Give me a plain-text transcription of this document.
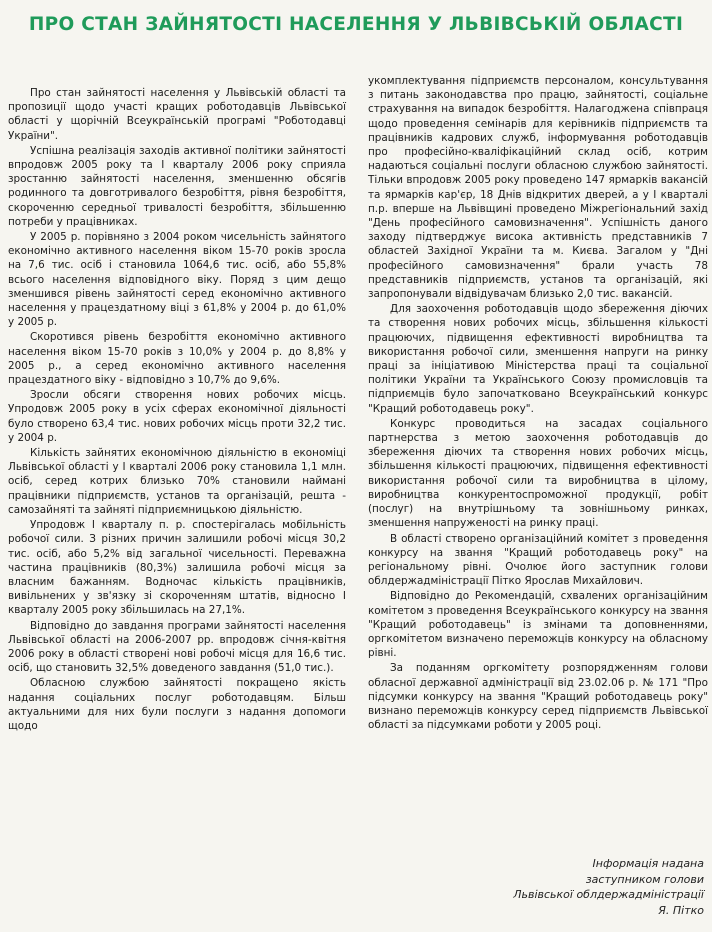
ПРО СТАН ЗАЙНЯТОСТІ НАСЕЛЕННЯ У ЛЬВІВСЬКІЙ ОБЛАСТІ

Про стан зайнятості населення у Львівській області та пропозиції щодо участі кращих роботодавців Львівської області у щорічній Всеукраїнській програмі "Роботодавці України".

Успішна реалізація заходів активної політики зайнятості впродовж 2005 року та І кварталу 2006 року сприяла зростанню зайнятості населення, зменшенню обсягів родинного та довготривалого безробіття, рівня безробіття, скороченню середньої тривалості безробіття, збільшенню потреби у працівниках.

У 2005 р. порівняно з 2004 роком чисельність зайнятого економічно активного населення віком 15-70 років зросла на 7,6 тис. осіб і становила 1064,6 тис. осіб, або 55,8% всього населення відповідного віку. Поряд з цим дещо зменшився рівень зайнятості серед економічно активного населення у працездатному віці з 61,8% у 2004 р. до 61,0% у 2005 р.

Скоротився рівень безробіття економічно активного населення віком 15-70 років з 10,0% у 2004 р. до 8,8% у 2005 р., а серед економічно активного населення працездатного віку - відповідно з 10,7% до 9,6%.

Зросли обсяги створення нових робочих місць. Упродовж 2005 року в усіх сферах економічної діяльності було створено 63,4 тис. нових робочих місць проти 32,2 тис. у 2004 р.

Кількість зайнятих економічною діяльністю в економіці Львівської області у І кварталі 2006 року становила 1,1 млн. осіб, серед котрих близько 70% становили наймані працівники підприємств, установ та організацій, решта - самозайняті та зайняті підприємницькою діяльністю.

Упродовж І кварталу п. р. спостерігалась мобільність робочої сили. З різних причин залишили робочі місця 30,2 тис. осіб, або 5,2% від загальної чисельності. Переважна частина працівників (80,3%) залишила робочі місця за власним бажанням. Водночас кількість працівників, вивільнених у зв'язку зі скороченням штатів, відносно І кварталу 2005 року збільшилась на 27,1%.

Відповідно до завдання програми зайнятості населення Львівської області на 2006-2007 рр. впродовж січня-квітня 2006 року в області створені нові робочі місця для 16,6 тис. осіб, що становить 32,5% доведеного завдання (51,0 тис.).

Обласною службою зайнятості покращено якість надання соціальних послуг роботодавцям. Більш актуальними для них були послуги з надання допомоги щодо

укомплектування підприємств персоналом, консультування з питань законодавства про працю, зайнятості, соціальне страхування на випадок безробіття. Налагоджена співпраця щодо проведення семінарів для керівників підприємств та працівників кадрових служб, інформування роботодавців про професійно-кваліфікаційний склад осіб, котрим надаються соціальні послуги обласною службою зайнятості. Тільки впродовж 2005 року проведено 147 ярмарків вакансій та ярмарків кар'єр, 18 Днів відкритих дверей, а у І кварталі п.р. вперше на Львівщині проведено Міжрегіональний захід "День професійного самовизначення". Успішність даного заходу підтверджує висока активність представників 7 областей Західної України та м. Києва. Загалом у "Дні професійного самовизначення" брали участь 78 представників підприємств, установ та організацій, які запропонували відвідувачам близько 2,0 тис. вакансій.

Для заохочення роботодавців щодо збереження діючих та створення нових робочих місць, збільшення кількості працюючих, підвищення ефективності виробництва та використання робочої сили, зменшення напруги на ринку праці за ініціативою Міністерства праці та соціальної політики України та Українського Союзу промисловців та підприємців було започатковано Всеукраїнський конкурс "Кращий роботодавець року".

Конкурс проводиться на засадах соціального партнерства з метою заохочення роботодавців до збереження діючих та створення нових робочих місць, збільшення кількості працюючих, підвищення ефективності використання робочої сили та виробництва в цілому, виробництва конкурентоспроможної продукції, робіт (послуг) на внутрішньому та зовнішньому ринках, зменшення напруженості на ринку праці.

В області створено організаційний комітет з проведення конкурсу на звання "Кращий роботодавець року" на регіональному рівні. Очолює його заступник голови облдержадміністрації Пітко Ярослав Михайлович.

Відповідно до Рекомендацій, схвалених організаційним комітетом з проведення Всеукраїнського конкурсу на звання "Кращий роботодавець" із змінами та доповненнями, оргкомітетом визначено переможців конкурсу на обласному рівні.

За поданням оргкомітету розпорядженням голови обласної державної адміністрації від 23.02.06 р. № 171 "Про підсумки конкурсу на звання "Кращий роботодавець року" визнано переможців конкурсу серед підприємств Львівської області за підсумками роботи у 2005 році.

Інформація надана
заступником голови
Львівської облдержадміністрації
Я. Пітко
